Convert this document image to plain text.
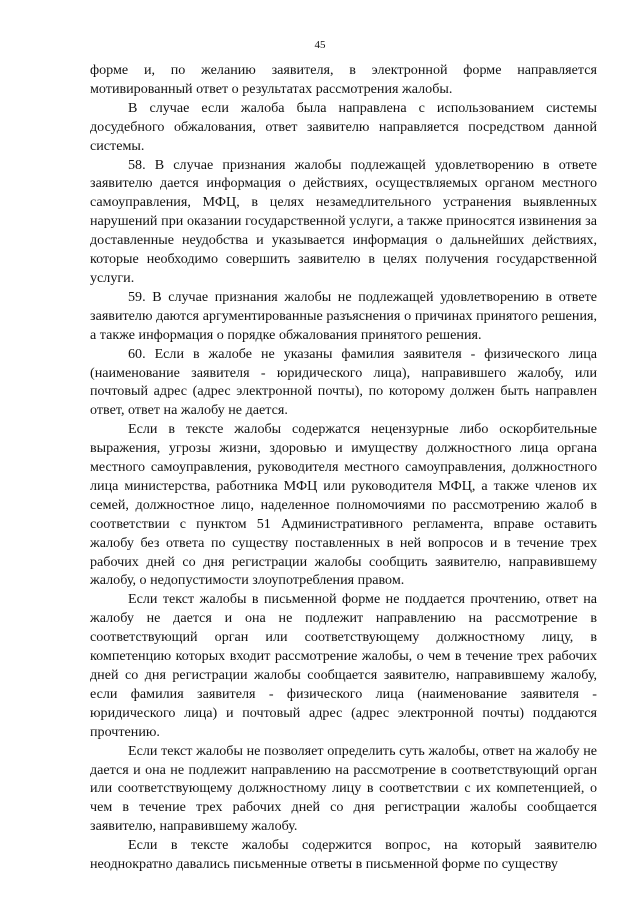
45

форме и, по желанию заявителя, в электронной форме направляется мотивированный ответ о результатах рассмотрения жалобы.

В случае если жалоба была направлена с использованием системы досудебного обжалования, ответ заявителю направляется посредством данной системы.

58. В случае признания жалобы подлежащей удовлетворению в ответе заявителю дается информация о действиях, осуществляемых органом местного самоуправления, МФЦ, в целях незамедлительного устранения выявленных нарушений при оказании государственной услуги, а также приносятся извинения за доставленные неудобства и указывается информация о дальнейших действиях, которые необходимо совершить заявителю в целях получения государственной услуги.

59. В случае признания жалобы не подлежащей удовлетворению в ответе заявителю даются аргументированные разъяснения о причинах принятого решения, а также информация о порядке обжалования принятого решения.

60. Если в жалобе не указаны фамилия заявителя - физического лица (наименование заявителя - юридического лица), направившего жалобу, или почтовый адрес (адрес электронной почты), по которому должен быть направлен ответ, ответ на жалобу не дается.

Если в тексте жалобы содержатся нецензурные либо оскорбительные выражения, угрозы жизни, здоровью и имуществу должностного лица органа местного самоуправления, руководителя местного самоуправления, должностного лица министерства, работника МФЦ или руководителя МФЦ, а также членов их семей, должностное лицо, наделенное полномочиями по рассмотрению жалоб в соответствии с пунктом 51 Административного регламента, вправе оставить жалобу без ответа по существу поставленных в ней вопросов и в течение трех рабочих дней со дня регистрации жалобы сообщить заявителю, направившему жалобу, о недопустимости злоупотребления правом.

Если текст жалобы в письменной форме не поддается прочтению, ответ на жалобу не дается и она не подлежит направлению на рассмотрение в соответствующий орган или соответствующему должностному лицу, в компетенцию которых входит рассмотрение жалобы, о чем в течение трех рабочих дней со дня регистрации жалобы сообщается заявителю, направившему жалобу, если фамилия заявителя - физического лица (наименование заявителя - юридического лица) и почтовый адрес (адрес электронной почты) поддаются прочтению.

Если текст жалобы не позволяет определить суть жалобы, ответ на жалобу не дается и она не подлежит направлению на рассмотрение в соответствующий орган или соответствующему должностному лицу в соответствии с их компетенцией, о чем в течение трех рабочих дней со дня регистрации жалобы сообщается заявителю, направившему жалобу.

Если в тексте жалобы содержится вопрос, на который заявителю неоднократно давались письменные ответы в письменной форме по существу
